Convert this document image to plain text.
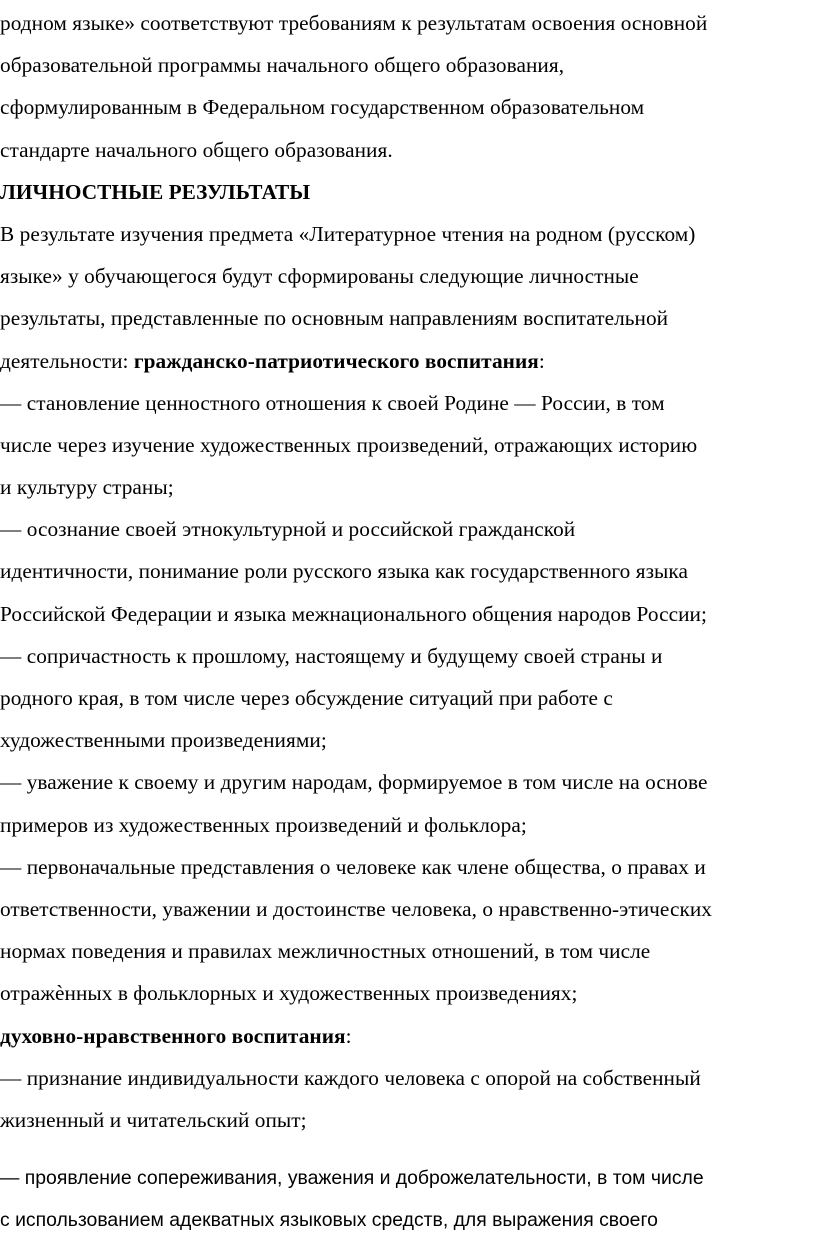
родном языке» соответствуют требованиям к результатам освоения основной
образовательной программы начального общего образования,
сформулированным в Федеральном государственном образовательном
стандарте начального общего образования.
ЛИЧНОСТНЫЕ РЕЗУЛЬТАТЫ
В результате изучения предмета «Литературное чтения на родном (русском)
языке» у обучающегося будут сформированы следующие личностные
результаты, представленные по основным направлениям воспитательной
деятельности: гражданско-патриотического воспитания:
— становление ценностного отношения к своей Родине — России, в том
числе через изучение художественных произведений, отражающих историю
и культуру страны;
— осознание своей этнокультурной и российской гражданской
идентичности, понимание роли русского языка как государственного языка
Российской Федерации и языка межнационального общения народов России;
— сопричастность к прошлому, настоящему и будущему своей страны и
родного края, в том числе через обсуждение ситуаций при работе с
художественными произведениями;
— уважение к своему и другим народам, формируемое в том числе на основе
примеров из художественных произведений и фольклора;
— первоначальные представления о человеке как члене общества, о правах и
ответственности, уважении и достоинстве человека, о нравственно-этических
нормах поведения и правилах межличностных отношений, в том числе
отражѐнных в фольклорных и художественных произведениях;
духовно-нравственного воспитания:
— признание индивидуальности каждого человека с опорой на собственный
жизненный и читательский опыт;
— проявление сопереживания, уважения и доброжелательности, в том числе
с использованием адекватных языковых средств, для выражения своего
